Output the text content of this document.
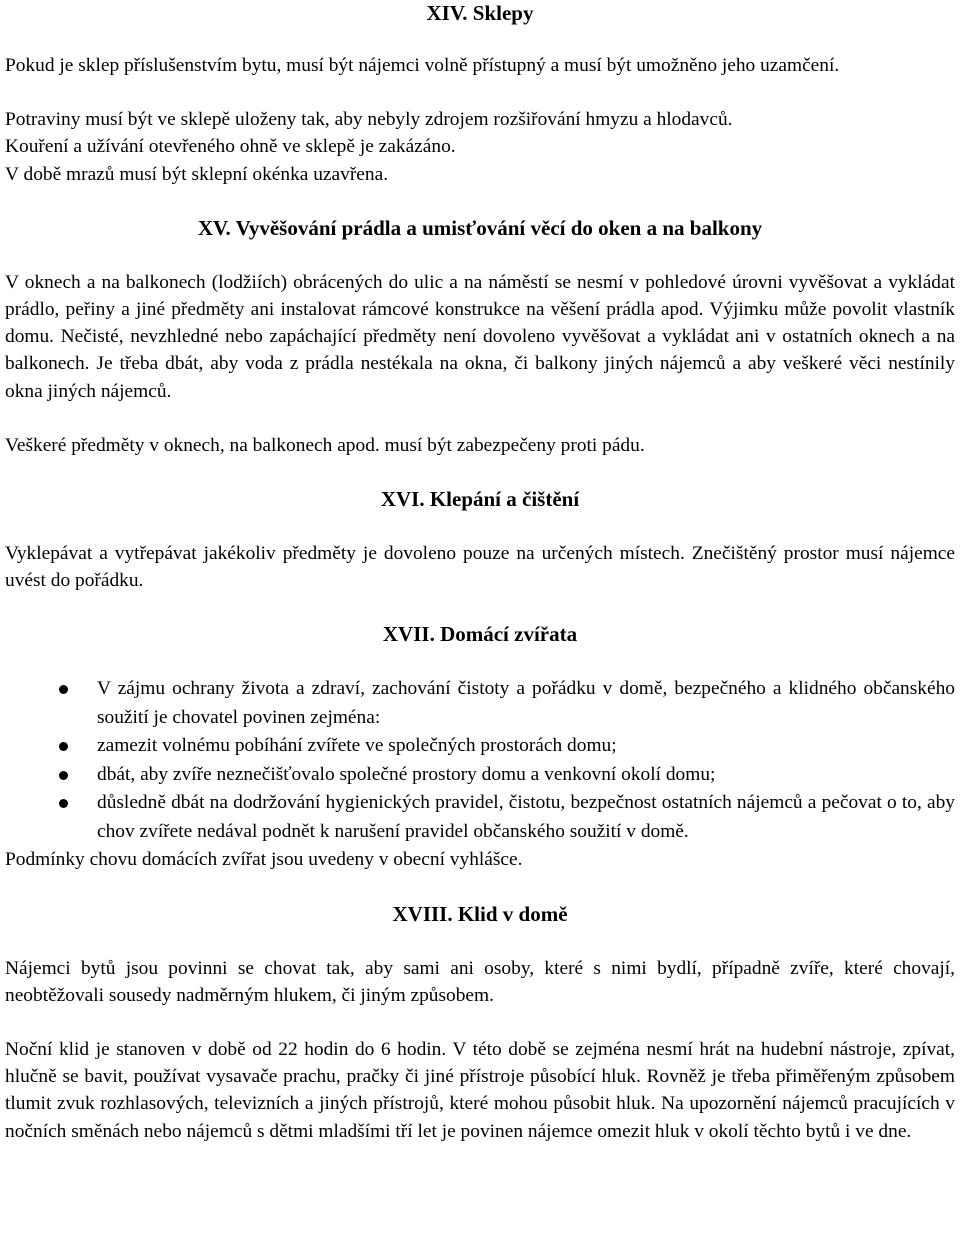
XIV. Sklepy

Pokud je sklep příslušenstvím bytu, musí být nájemci volně přístupný a musí být umožněno jeho uzamčení.

Potraviny musí být ve sklepě uloženy tak, aby nebyly zdrojem rozšiřování hmyzu a hlodavců.

Kouření a užívání otevřeného ohně ve sklepě je zakázáno.

V době mrazů musí být sklepní okénka uzavřena.

XV. Vyvěšování prádla a umisťování věcí do oken a na balkony

V oknech a na balkonech (lodžiích) obrácených do ulic a na náměstí se nesmí v pohledové úrovni vyvěšovat a vykládat prádlo, peřiny a jiné předměty ani instalovat rámcové konstrukce na věšení prádla apod. Výjimku může povolit vlastník domu. Nečisté, nevzhledné nebo zapáchající předměty není dovoleno vyvěšovat a vykládat ani v ostatních oknech a na balkonech. Je třeba dbát, aby voda z prádla nestékala na okna, či balkony jiných nájemců a aby veškeré věci nestínily okna jiných nájemců.

Veškeré předměty v oknech, na balkonech apod. musí být zabezpečeny proti pádu.

XVI. Klepání a čištění

Vyklepávat a vytřepávat jakékoliv předměty je dovoleno pouze na určených místech. Znečištěný prostor musí nájemce uvést do pořádku.

XVII. Domácí zvířata
V zájmu ochrany života a zdraví, zachování čistoty a pořádku v domě, bezpečného a klidného občanského soužití je chovatel povinen zejména:
zamezit volnému pobíhání zvířete ve společných prostorách domu;
dbát, aby zvíře neznečišťovalo společné prostory domu a venkovní okolí domu;
důsledně dbát na dodržování hygienických pravidel, čistotu, bezpečnost ostatních nájemců a pečovat o to, aby chov zvířete nedával podnět k narušení pravidel občanského soužití v domě.

Podmínky chovu domácích zvířat jsou uvedeny v obecní vyhlášce.

XVIII. Klid v domě

Nájemci bytů jsou povinni se chovat tak, aby sami ani osoby, které s nimi bydlí, případně zvíře, které chovají, neobtěžovali sousedy nadměrným hlukem, či jiným způsobem.

Noční klid je stanoven v době od 22 hodin do 6 hodin. V této době se zejména nesmí hrát na hudební nástroje, zpívat, hlučně se bavit, používat vysavače prachu, pračky či jiné přístroje působící hluk. Rovněž je třeba přiměřeným způsobem tlumit zvuk rozhlasových, televizních a jiných přístrojů, které mohou působit hluk. Na upozornění nájemců pracujících v nočních směnách nebo nájemců s dětmi mladšími tří let je povinen nájemce omezit hluk v okolí těchto bytů i ve dne.
